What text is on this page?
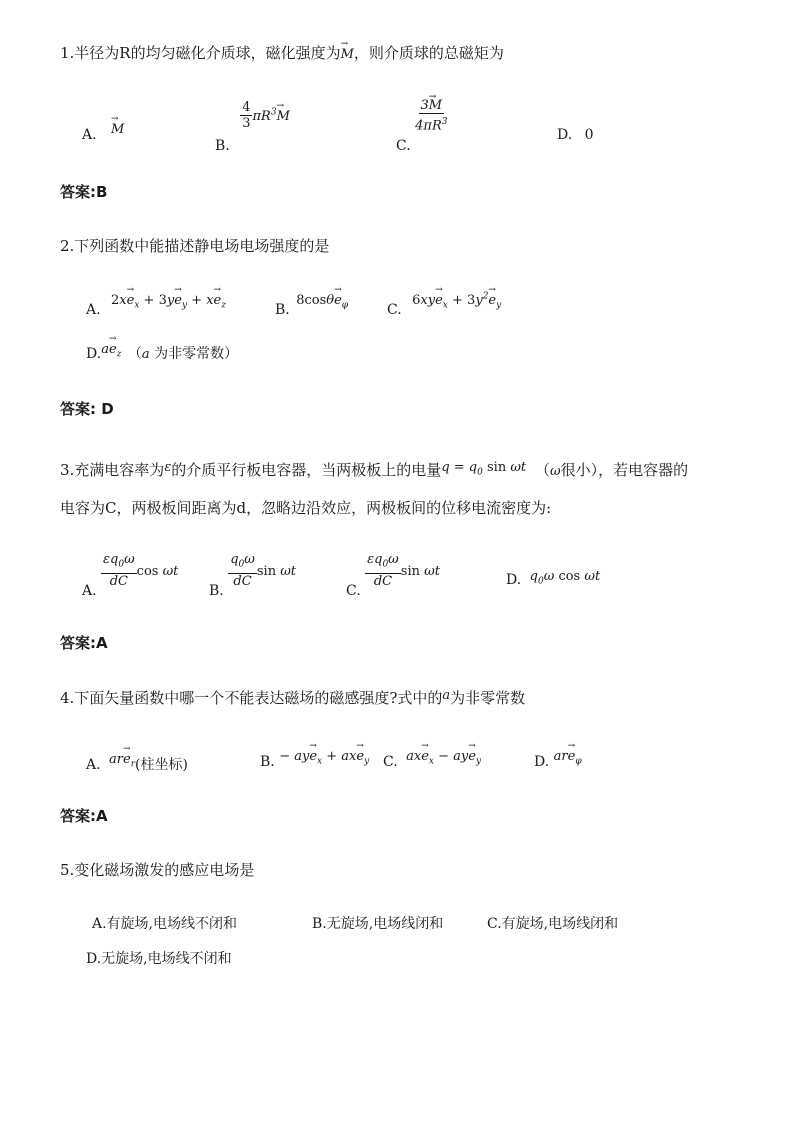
1.半径为R的均匀磁化介质球，磁化强度为→ M，则介质球的总磁矩为
A. → M
B.
$\frac{4}{3} \pi R^3\to M$
C.
$\frac{3\to M}{4\pi R^3}$
D. 0
答案:B
2.下列函数中能描述静电场电场强度的是
A. $2x\to e_x + 3y\to e_y + x\to e_z$	B. $8\cos\theta\to e_\varphi$	C. $6xy\to e_x + 3y^2\to e_y$
$D.a\to e_z$ （a 为非零常数）
答案: D
3.充满电容率为ε的介质平行板电容器，当两极板上的电量$q = q_0$ sin ωt （ω很小），若电容器的
电容为C，两极板间距离为d，忽略边沿效应，两极板间的位移电流密度为:
A.
$\frac{\varepsilon q_0\omega}{dC}$ cos ωt
B.
$\frac{q_0\omega}{dC}$ sin ωt
C.
$\frac{\varepsilon q_0\omega}{dC}$ sin ωt
D. $q_0\omega$ cos ωt
答案:A
4.下面矢量函数中哪一个不能表达磁场的磁感强度?式中的a为非零常数
A. $ar\to e_r$(柱坐标)	B. − $ay\to e_x + ax\to e_y$ C. $ax\to e_x - ay\to e_y$	D. $ar\to e_\varphi$
答案:A
5.变化磁场激发的感应电场是
A.有旋场,电场线不闭和	B.无旋场,电场线闭和	C.有旋场,电场线闭和
D.无旋场,电场线不闭和
